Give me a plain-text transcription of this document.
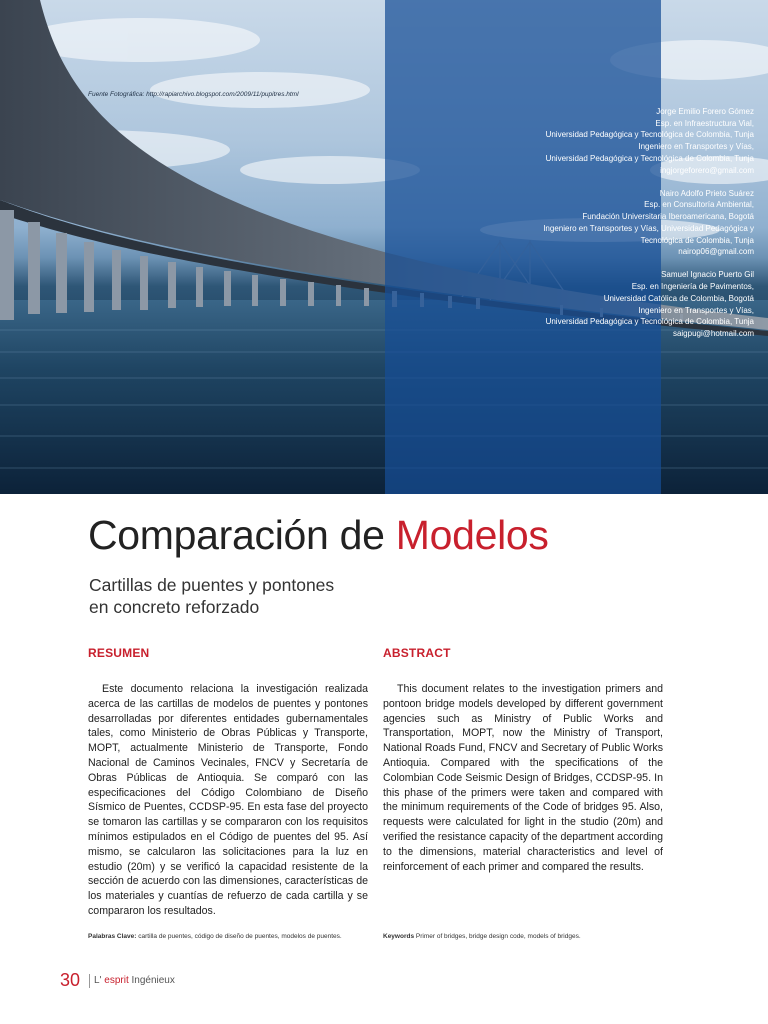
Fuente Fotográfica: http://rapiarchivo.blogspot.com/2009/11/pupitres.html
Jorge Emilio Forero Gómez
Esp. en Infraestructura Vial,
Universidad Pedagógica y Tecnológica de Colombia, Tunja
Ingeniero en Transportes y Vías,
Universidad Pedagógica y Tecnológica de Colombia, Tunja
ingjorgeforero@gmail.com
Nairo Adolfo Prieto Suárez
Esp. en Consultoría Ambiental,
Fundación Universitaria Iberoamericana, Bogotá
Ingeniero en Transportes y Vías, Universidad Pedagógica y
Tecnológica de Colombia, Tunja
nairop06@gmail.com
Samuel Ignacio Puerto Gil
Esp. en Ingeniería de Pavimentos,
Universidad Católica de Colombia, Bogotá
Ingeniero en Transportes y Vías,
Universidad Pedagógica y Tecnológica de Colombia, Tunja
saigpugi@hotmail.com
Comparación de Modelos
Cartillas de puentes y pontones
en concreto reforzado
RESUMEN
Este documento relaciona la investigación realizada acerca de las cartillas de modelos de puentes y pontones desarrolladas por diferentes entidades gubernamentales tales, como Ministerio de Obras Públicas y Transporte, MOPT, actualmente Ministerio de Transporte, Fondo Nacional de Caminos Vecinales, FNCV y Secretaría de Obras Públicas de Antioquia. Se comparó con las especificaciones del Código Colombiano de Diseño Sísmico de Puentes, CCDSP-95. En esta fase del proyecto se tomaron las cartillas y se compararon con los requisitos mínimos estipulados en el Código de puentes del 95. Así mismo, se calcularon las solicitaciones para la luz en estudio (20m) y se verificó la capacidad resistente de la sección de acuerdo con las dimensiones, características de los materiales y cuantías de refuerzo de cada cartilla y se compararon los resultados.
ABSTRACT
This document relates to the investigation primers and pontoon bridge models developed by different government agencies such as Ministry of Public Works and Transportation, MOPT, now the Ministry of Transport, National Roads Fund, FNCV and Secretary of Public Works Antioquia. Compared with the specifications of the Colombian Code Seismic Design of Bridges, CCDSP-95. In this phase of the primers were taken and compared with the minimum requirements of the Code of bridges 95. Also, requests were calculated for light in the studio (20m) and verified the resistance capacity of the department according to the dimensions, material characteristics and level of reinforcement of each primer and compared the results.
Palabras Clave: cartilla de puentes, código de diseño de puentes, modelos de puentes.	Keywords Primer of bridges, bridge design code, models of bridges.
30	L' esprit Ingénieux
